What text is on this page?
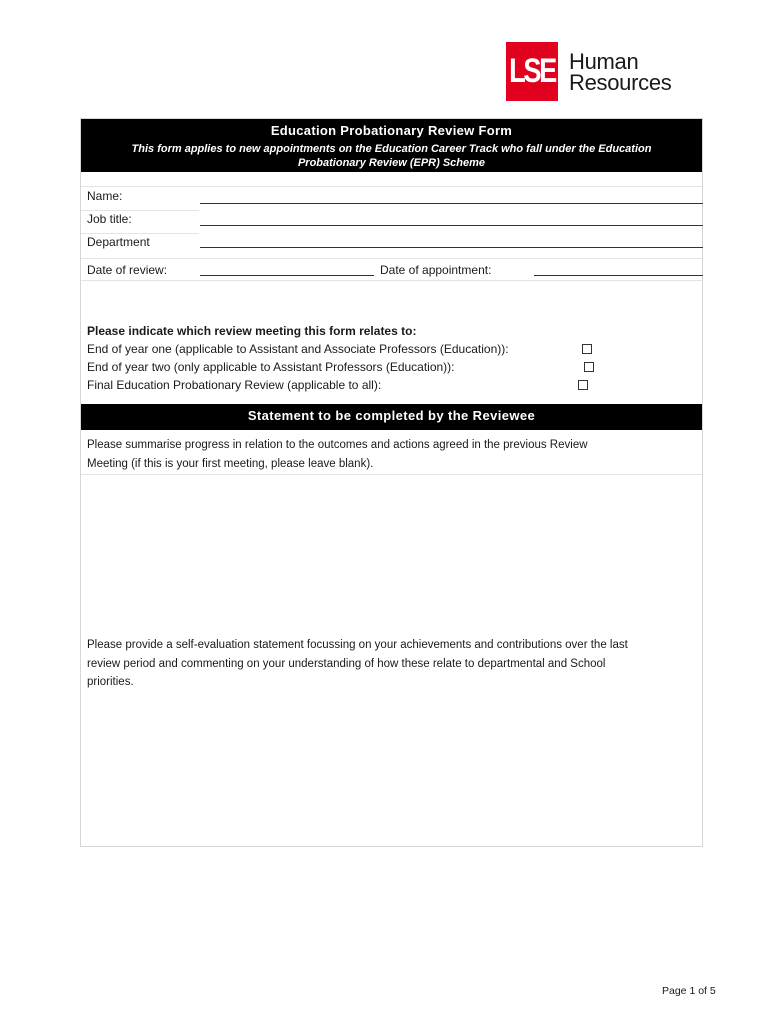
LSE Human
Resources
Education Probationary Review Form
This form applies to new appointments on the Education Career Track who fall under the Education
Probationary Review (EPR) Scheme
Name:
Job title:
Department
Date of review:	Date of appointment:
Please indicate which review meeting this form relates to:
End of year one (applicable to Assistant and Associate Professors (Education)):
End of year two (only applicable to Assistant Professors (Education)):
Final Education Probationary Review (applicable to all):
Statement to be completed by the Reviewee
Please summarise progress in relation to the outcomes and actions agreed in the previous Review
Meeting (if this is your first meeting, please leave blank).
Please provide a self-evaluation statement focussing on your achievements and contributions over the last
review period and commenting on your understanding of how these relate to departmental and School
priorities.
Page 1 of 5
